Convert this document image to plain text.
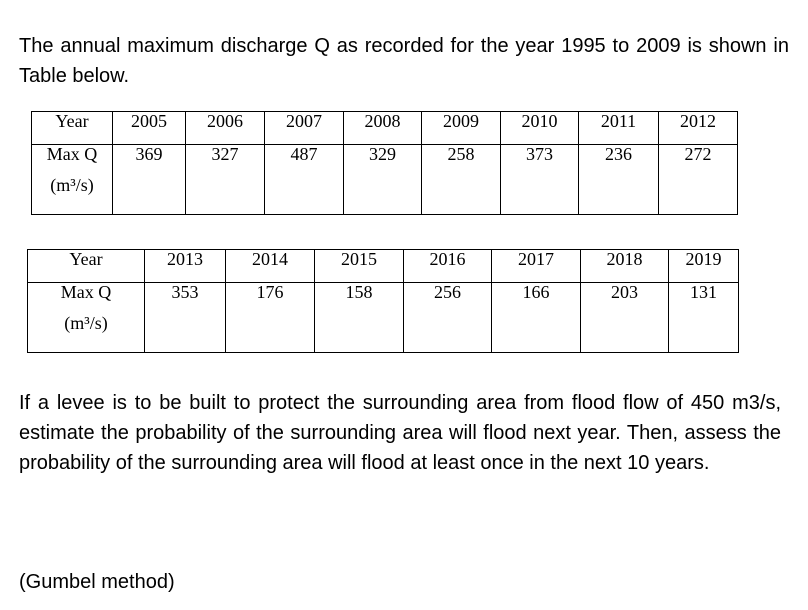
The annual maximum discharge Q as recorded for the year 1995 to 2009 is shown in Table below.

Year	2005	2006	2007	2008	2009	2010	2011	2012

Max Q
(m³/s)	369	327	487	329	258	373	236	272
Year	2013	2014	2015	2016	2017	2018	2019

Max Q
(m³/s)	353	176	158	256	166	203	131

If a levee is to be built to protect the surrounding area from flood flow of 450 m3/s, estimate the probability of the surrounding area will flood next year. Then, assess the probability of the surrounding area will flood at least once in the next 10 years.

(Gumbel method)
